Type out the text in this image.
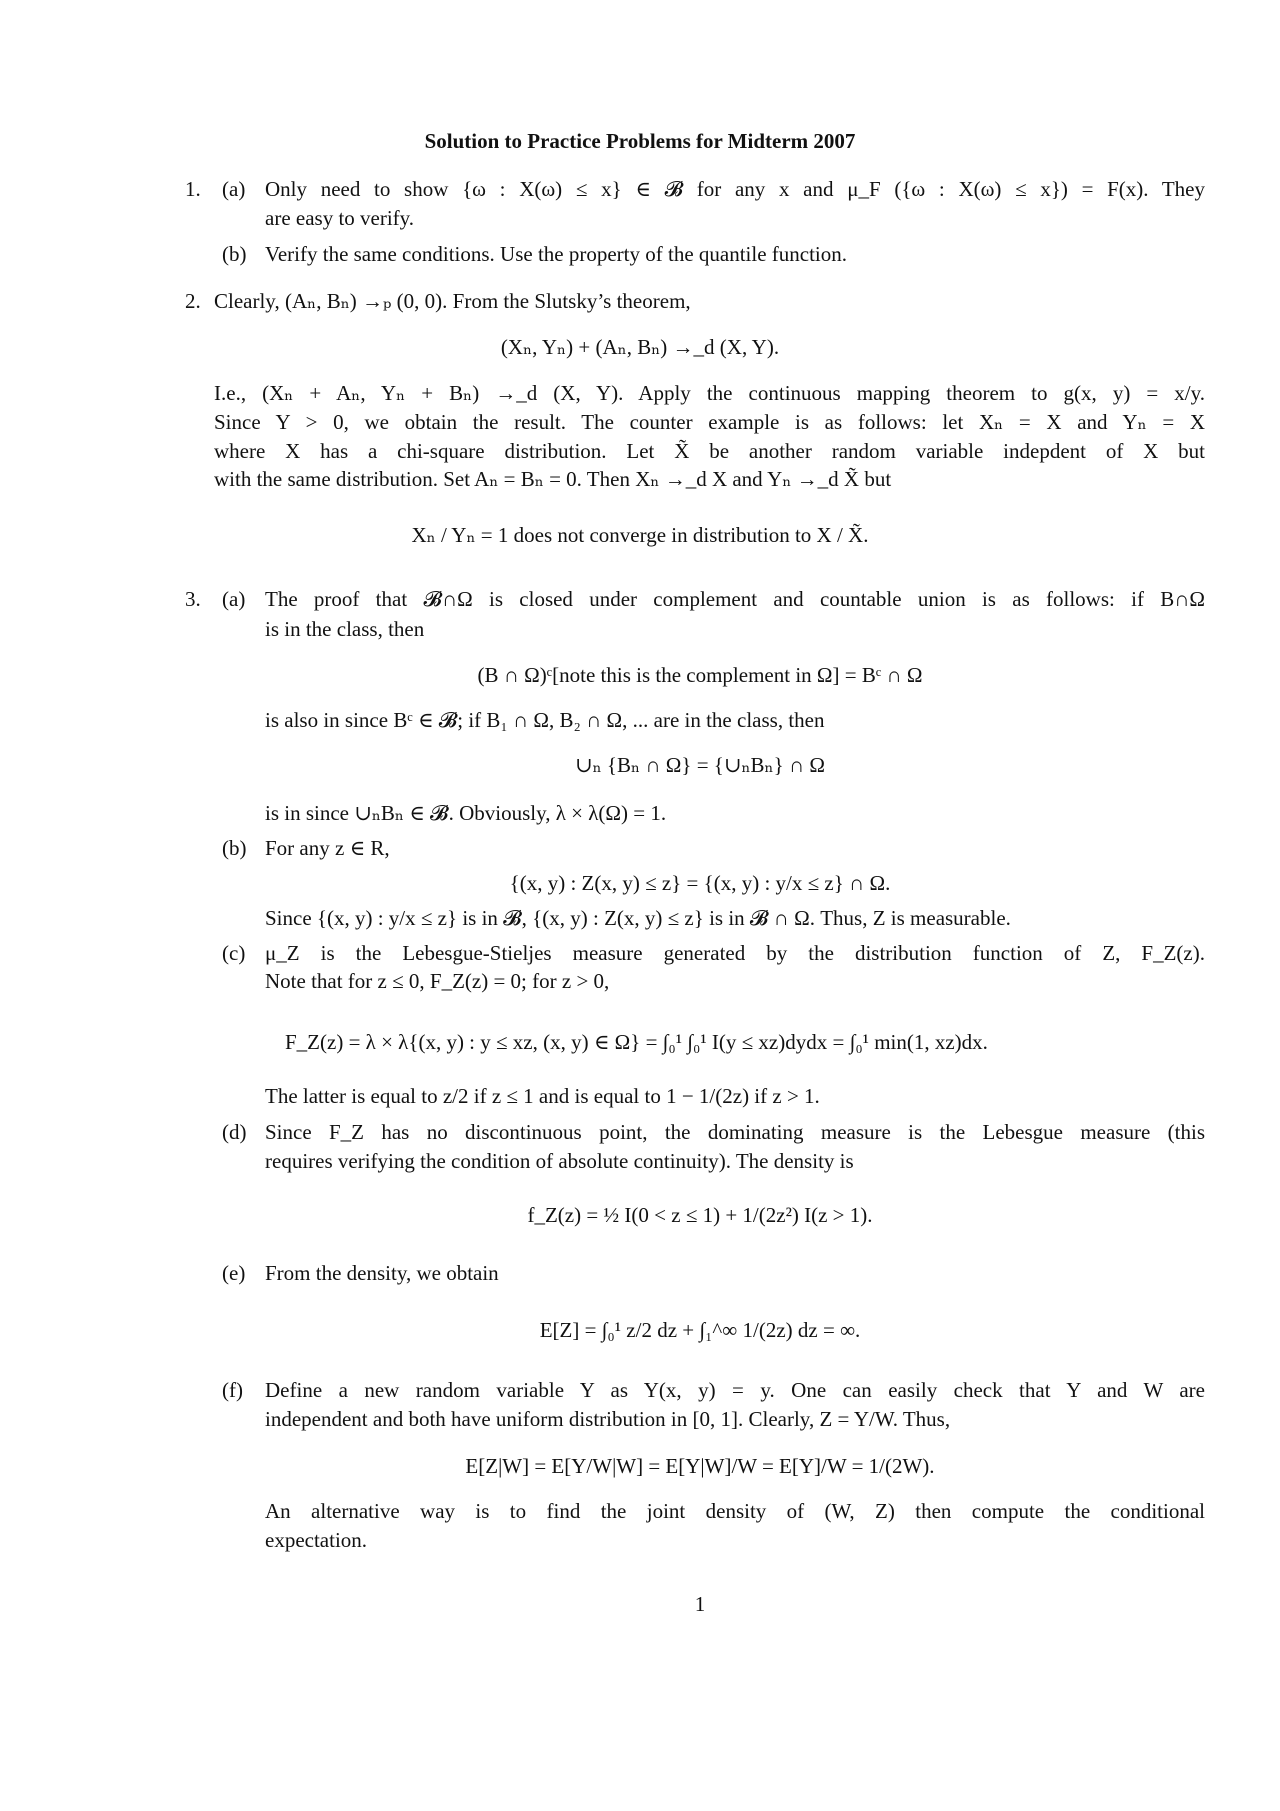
Solution to Practice Problems for Midterm 2007
1. (a) Only need to show {ω : X(ω) ≤ x} ∈ 𝓑 for any x and μ_F ({ω : X(ω) ≤ x}) = F(x). They
are easy to verify.
(b) Verify the same conditions. Use the property of the quantile function.
2. Clearly, (Aₙ, Bₙ) →ₚ (0, 0). From the Slutsky’s theorem,
(Xₙ, Yₙ) + (Aₙ, Bₙ) →_d (X, Y).
I.e., (Xₙ + Aₙ, Yₙ + Bₙ) →_d (X, Y). Apply the continuous mapping theorem to g(x, y) = x/y.
Since Y > 0, we obtain the result. The counter example is as follows: let Xₙ = X and Yₙ = X
where X has a chi-square distribution. Let X̃ be another random variable indepdent of X but
with the same distribution. Set Aₙ = Bₙ = 0. Then Xₙ →_d X and Yₙ →_d X̃ but
Xₙ / Yₙ = 1 does not converge in distribution to X / X̃.
3. (a) The proof that 𝓑∩Ω is closed under complement and countable union is as follows: if B∩Ω
is in the class, then
(B ∩ Ω)ᶜ[note this is the complement in Ω] = Bᶜ ∩ Ω
is also in since Bᶜ ∈ 𝓑; if B₁ ∩ Ω, B₂ ∩ Ω, ... are in the class, then
∪ₙ {Bₙ ∩ Ω} = {∪ₙBₙ} ∩ Ω
is in since ∪ₙBₙ ∈ 𝓑. Obviously, λ × λ(Ω) = 1.
(b) For any z ∈ R,
{(x, y) : Z(x, y) ≤ z} = {(x, y) : y/x ≤ z} ∩ Ω.
Since {(x, y) : y/x ≤ z} is in 𝓑, {(x, y) : Z(x, y) ≤ z} is in 𝓑 ∩ Ω. Thus, Z is measurable.
(c) μ_Z is the Lebesgue-Stieljes measure generated by the distribution function of Z, F_Z(z).
Note that for z ≤ 0, F_Z(z) = 0; for z > 0,
F_Z(z) = λ × λ{(x, y) : y ≤ xz, (x, y) ∈ Ω} = ∫₀¹ ∫₀¹ I(y ≤ xz)dydx = ∫₀¹ min(1, xz)dx.
The latter is equal to z/2 if z ≤ 1 and is equal to 1 − 1/(2z) if z > 1.
(d) Since F_Z has no discontinuous point, the dominating measure is the Lebesgue measure (this
requires verifying the condition of absolute continuity). The density is
f_Z(z) = ½ I(0 < z ≤ 1) + 1/(2z²) I(z > 1).
(e) From the density, we obtain
E[Z] = ∫₀¹ z/2 dz + ∫₁^∞ 1/(2z) dz = ∞.
(f) Define a new random variable Y as Y(x, y) = y. One can easily check that Y and W are
independent and both have uniform distribution in [0, 1]. Clearly, Z = Y/W. Thus,
E[Z|W] = E[Y/W|W] = E[Y|W]/W = E[Y]/W = 1/(2W).
An alternative way is to find the joint density of (W, Z) then compute the conditional
expectation.
1
